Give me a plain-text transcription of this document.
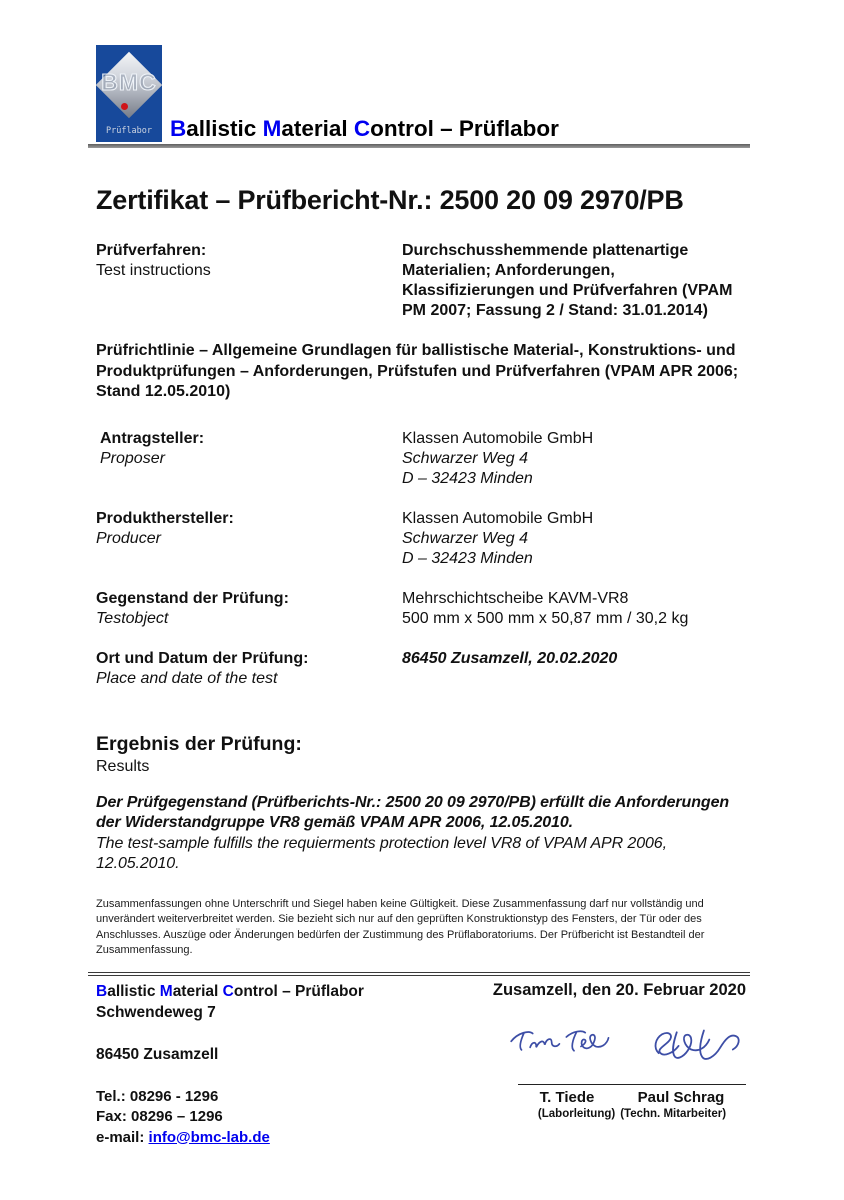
BMC
Prüflabor Ballistic Material Control – Prüflabor
Zertifikat – Prüfbericht-Nr.: 2500 20 09 2970/PB
Prüfverfahren:
Test instructions
Durchschusshemmende plattenartige Materialien; Anforderungen, Klassifizierungen und Prüfverfahren (VPAM PM 2007; Fassung 2 / Stand: 31.01.2014)

Prüfrichtlinie – Allgemeine Grundlagen für ballistische Material-, Konstruktions- und Produktprüfungen – Anforderungen, Prüfstufen und Prüfverfahren (VPAM APR 2006; Stand 12.05.2010)

Antragsteller:
Proposer
Klassen Automobile GmbH
Schwarzer Weg 4
D – 32423 Minden
Produkthersteller:
Producer
Klassen Automobile GmbH
Schwarzer Weg 4
D – 32423 Minden
Gegenstand der Prüfung:
Testobject
Mehrschichtscheibe KAVM-VR8
500 mm x 500 mm x 50,87 mm / 30,2 kg
Ort und Datum der Prüfung:
Place and date of the test
86450 Zusamzell, 20.02.2020
Ergebnis der Prüfung:
Results
Der Prüfgegenstand (Prüfberichts-Nr.: 2500 20 09 2970/PB) erfüllt die Anforderungen der Widerstandgruppe VR8 gemäß VPAM APR 2006, 12.05.2010.
The test-sample fulfills the requierments protection level VR8 of VPAM APR 2006, 12.05.2010.

Zusammenfassungen ohne Unterschrift und Siegel haben keine Gültigkeit. Diese Zusammenfassung darf nur vollständig und unverändert weiterverbreitet werden. Sie bezieht sich nur auf den geprüften Konstruktionstyp des Fensters, der Tür oder des Anschlusses. Auszüge oder Änderungen bedürfen der Zustimmung des Prüflaboratoriums. Der Prüfbericht ist Bestandteil der Zusammenfassung.

Ballistic Material Control – Prüflabor
Schwendeweg 7
86450 Zusamzell
Tel.: 08296 - 1296
Fax: 08296 – 1296
e-mail: info@bmc-lab.de
Zusamzell, den 20. Februar 2020
T. Tiede	Paul Schrag
(Laborleitung) (Techn. Mitarbeiter)
